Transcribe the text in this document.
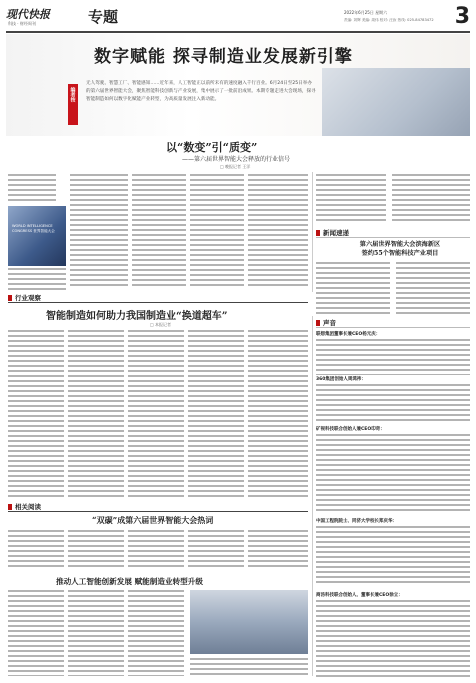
现代快报
科技 · 财经周刊	专题	2022年6月25日 星期六
责编: 刘辉 美编: 周伟 校对: 汪汝 热线: 025-84783472 3
数字赋能 探寻制造业发展新引擎
编者按
无人驾驶、智慧工厂、智能感知……近年来，人工智能正以前所未有的速度融入千行百业。6月24日至25日举办的第六届世界智能大会，聚焦智能科技创新与产业发展，集中展示了一批前沿成果。本期专题走进大会现场，探寻智能制造如何以数字化赋能产业转型，为高质量发展注入新动能。
以“数变”引“质变”
——第六届世界智能大会释放的行业信号
□ 晚报记者 王洋
WORLD INTELLIGENCE CONGRESS 世界智能大会	新闻速递
第六届世界智能大会滨海新区
签约55个智能科技产业项目
行业观察
智能制造如何助力我国制造业“换道超车”
□ 本报记者	声音
联想集团董事长兼CEO杨元庆：
360集团创始人周鸿祎：
矿视科技联合创始人兼CEO印奇：
中国工程院院士、同济大学校长郑庆华：
商汤科技联合创始人、董事长兼CEO徐立：
相关阅读
“双碳”成第六届世界智能大会热词
推动人工智能创新发展 赋能制造业转型升级
